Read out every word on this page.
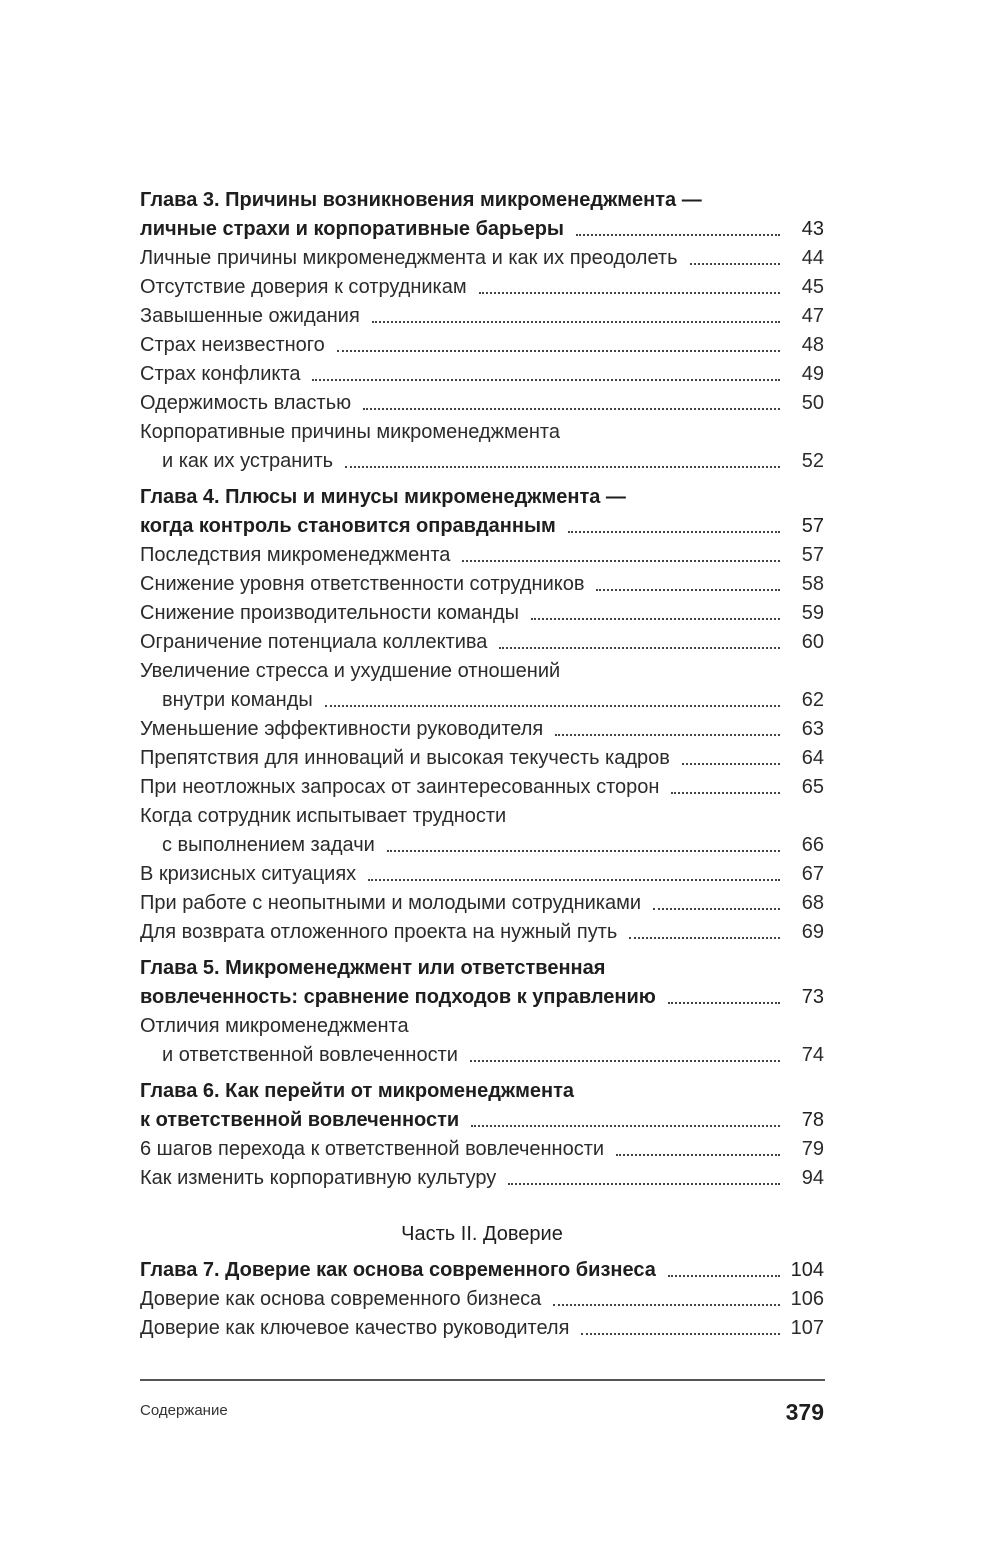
Глава 3. Причины возникновения микроменеджмента —
личные страхи и корпоративные барьеры	43
Личные причины микроменеджмента и как их преодолеть	44
Отсутствие доверия к сотрудникам	45
Завышенные ожидания	47
Страх неизвестного	48
Страх конфликта	49
Одержимость властью	50
Корпоративные причины микроменеджмента
и как их устранить	52
Глава 4. Плюсы и минусы микроменеджмента —
когда контроль становится оправданным	57
Последствия микроменеджмента	57
Снижение уровня ответственности сотрудников	58
Снижение производительности команды	59
Ограничение потенциала коллектива	60
Увеличение стресса и ухудшение отношений
внутри команды	62
Уменьшение эффективности руководителя	63
Препятствия для инноваций и высокая текучесть кадров	64
При неотложных запросах от заинтересованных сторон	65
Когда сотрудник испытывает трудности
с выполнением задачи	66
В кризисных ситуациях	67
При работе с неопытными и молодыми сотрудниками	68
Для возврата отложенного проекта на нужный путь	69
Глава 5. Микроменеджмент или ответственная
вовлеченность: сравнение подходов к управлению	73
Отличия микроменеджмента
и ответственной вовлеченности	74
Глава 6. Как перейти от микроменеджмента
к ответственной вовлеченности	78
6 шагов перехода к ответственной вовлеченности	79
Как изменить корпоративную культуру	94
Часть II. Доверие
Глава 7. Доверие как основа современного бизнеса	104
Доверие как основа современного бизнеса	106
Доверие как ключевое качество руководителя	107
Содержание	379
